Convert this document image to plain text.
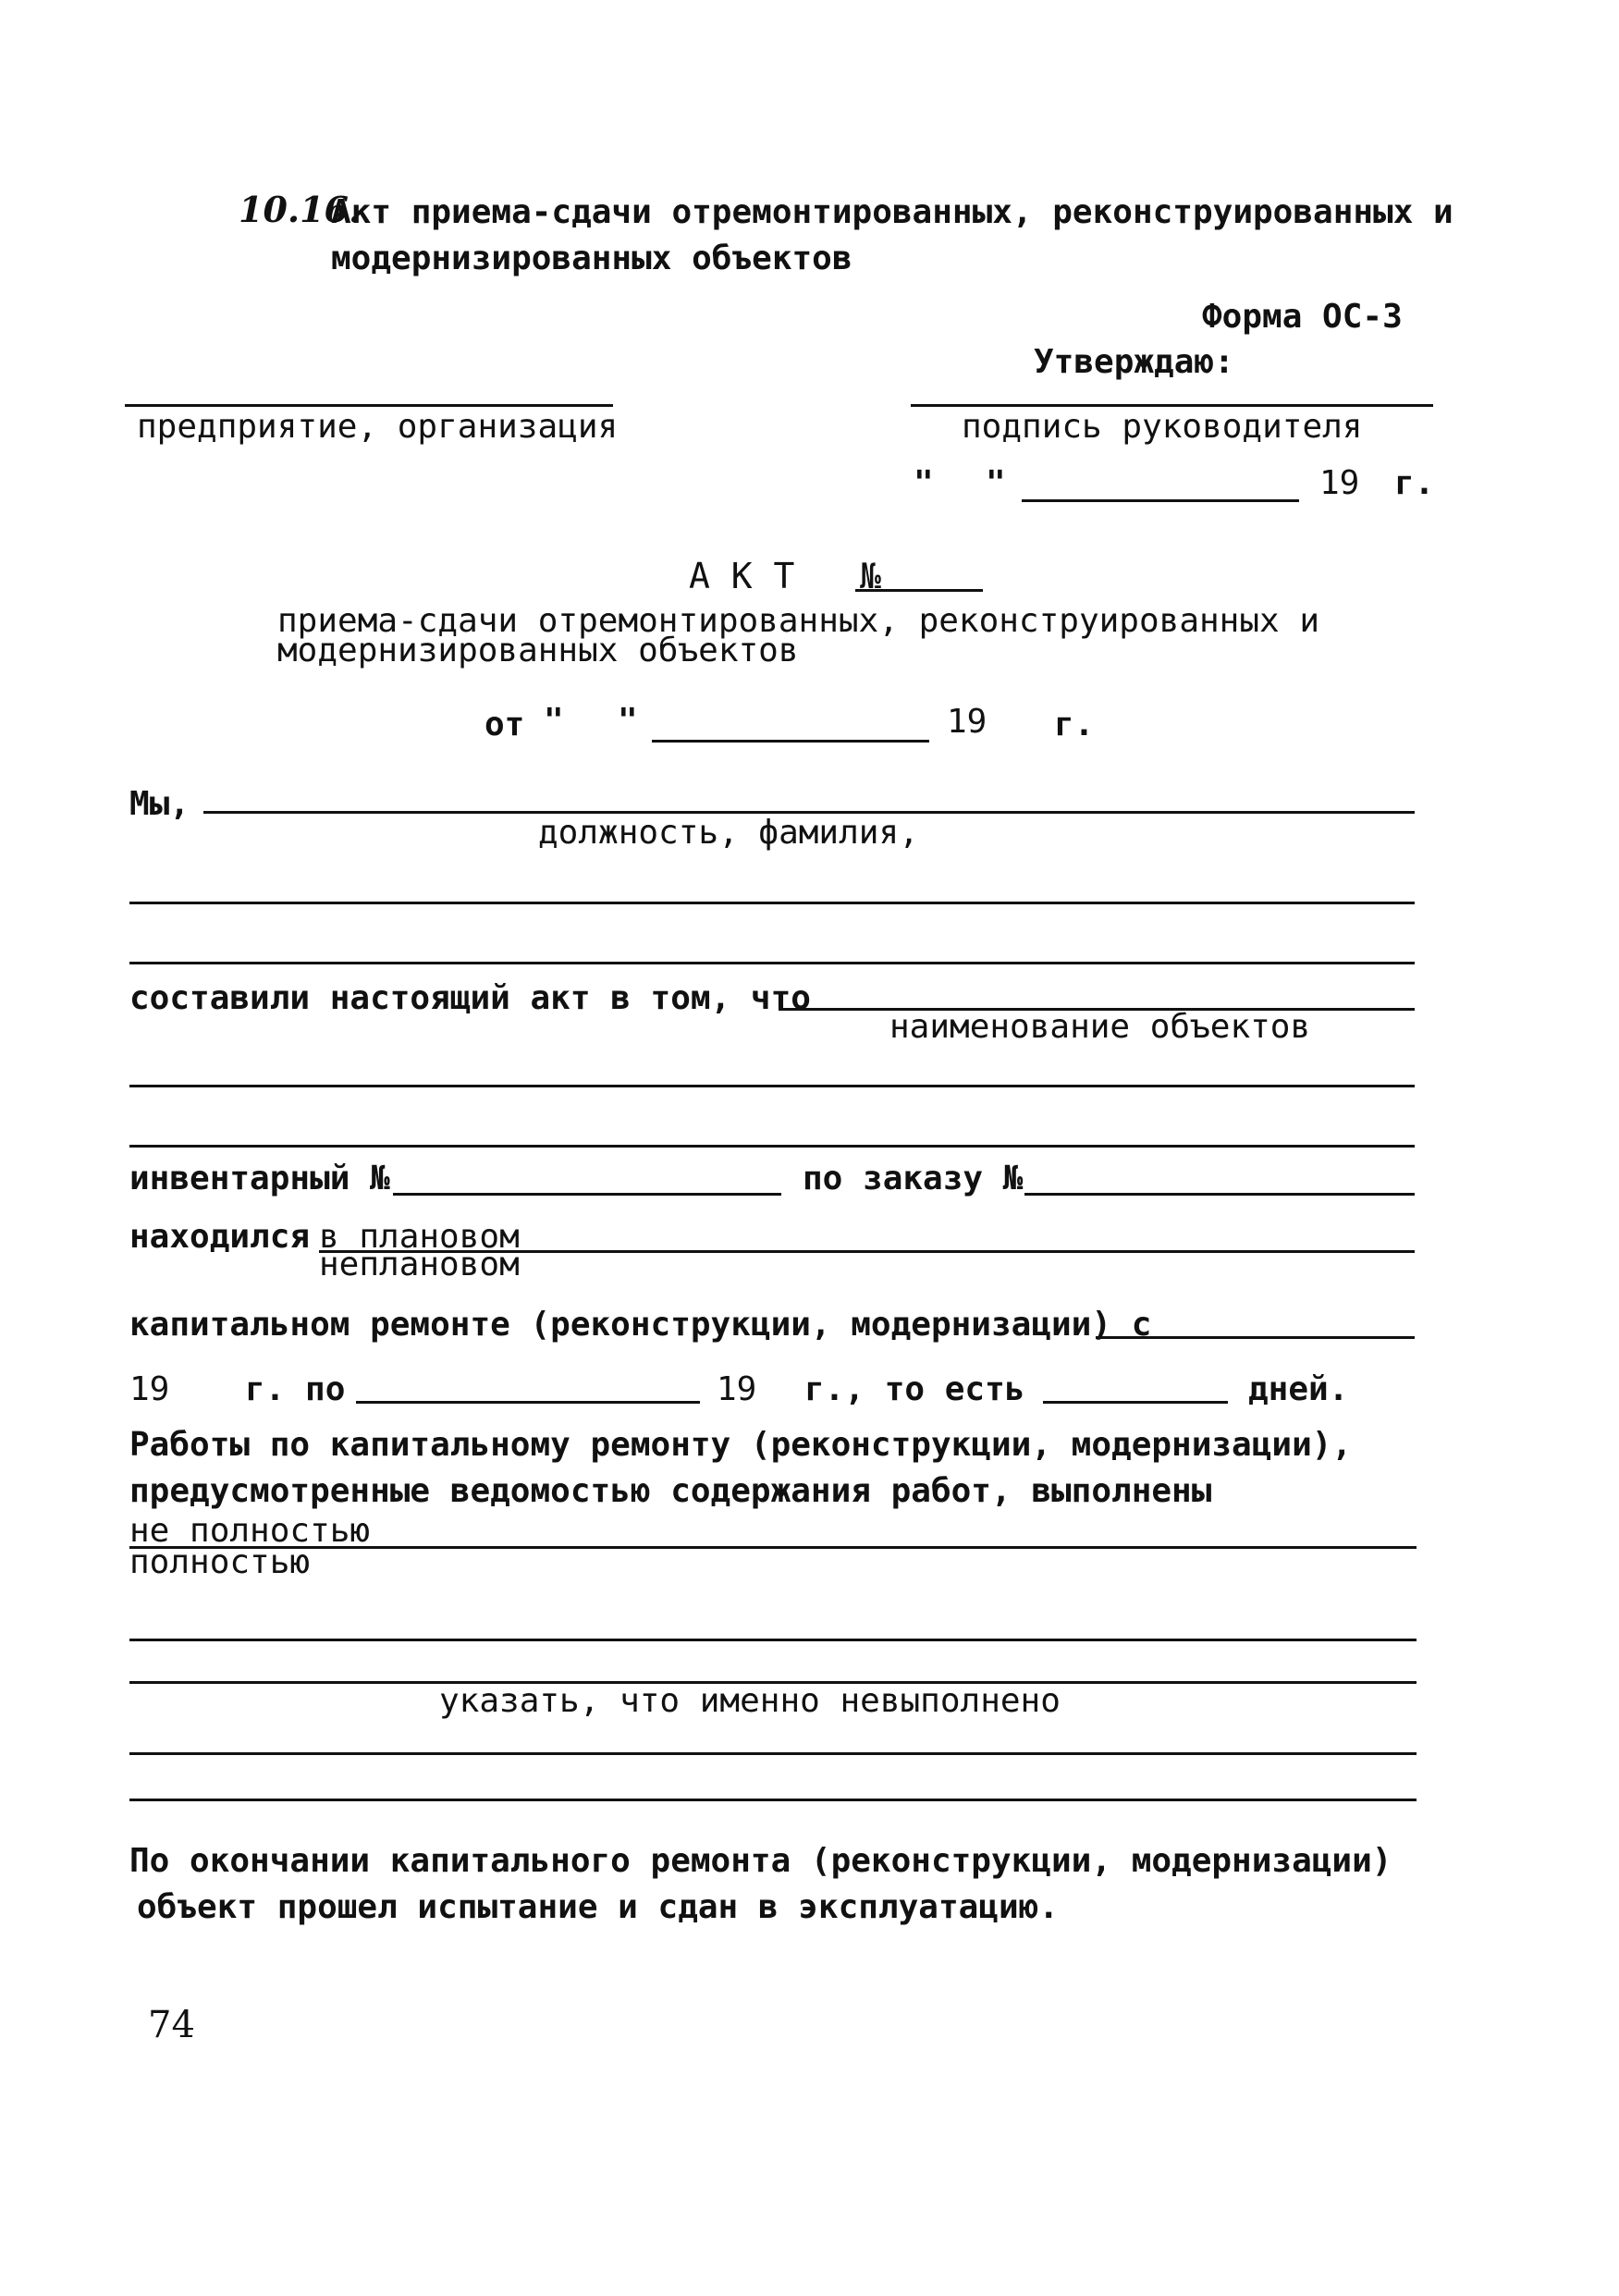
10.16.
Акт приема-сдачи отремонтированных, реконструированных и
модернизированных объектов
Форма ОС-3
Утверждаю:
предприятие, организация	подпись руководителя
" "	19 г.
А К Т №
приема-сдачи отремонтированных, реконструированных и
модернизированных объектов
от " "	19 г.
Мы,
должность, фамилия,
составили настоящий акт в том, что
наименование объектов
инвентарный №	по заказу №
находился в плановом
неплановом
капитальном ремонте (реконструкции, модернизации) с
19 г. по	19 г., то есть	дней.
Работы по капитальному ремонту (реконструкции, модернизации),
предусмотренные ведомостью содержания работ, выполнены
не полностью
полностью
указать, что именно невыполнено
По окончании капитального ремонта (реконструкции, модернизации)
объект прошел испытание и сдан в эксплуатацию.
74
